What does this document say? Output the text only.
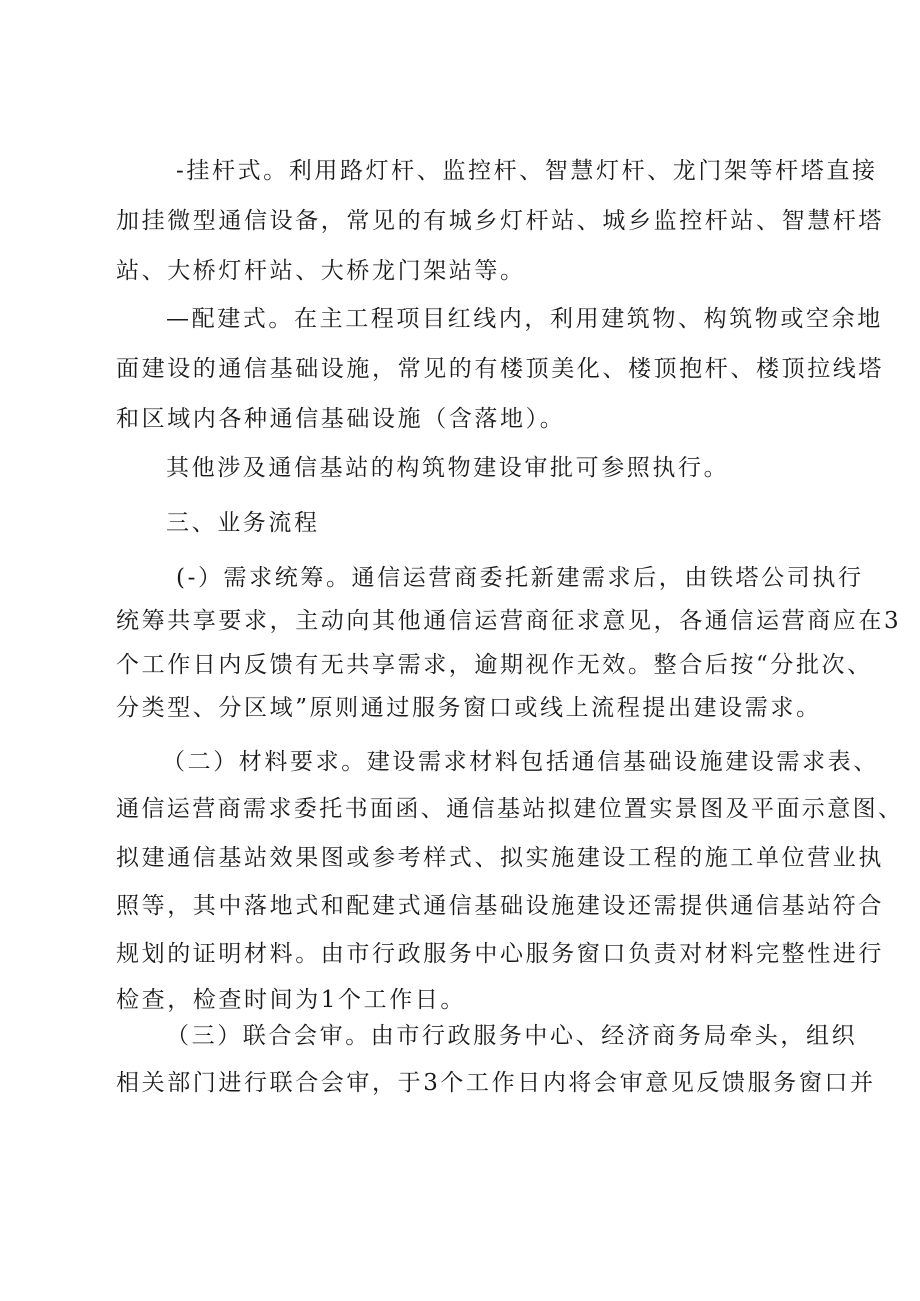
-挂杆式。利用路灯杆、监控杆、智慧灯杆、龙门架等杆塔直接
加挂微型通信设备，常见的有城乡灯杆站、城乡监控杆站、智慧杆塔
站、大桥灯杆站、大桥龙门架站等。
—配建式。在主工程项目红线内，利用建筑物、构筑物或空余地
面建设的通信基础设施，常见的有楼顶美化、楼顶抱杆、楼顶拉线塔
和区域内各种通信基础设施（含落地）。
其他涉及通信基站的构筑物建设审批可参照执行。
三、业务流程
(-）需求统筹。通信运营商委托新建需求后，由铁塔公司执行
统筹共享要求，主动向其他通信运营商征求意见，各通信运营商应在3
个工作日内反馈有无共享需求，逾期视作无效。整合后按“分批次、
分类型、分区域”原则通过服务窗口或线上流程提出建设需求。
（二）材料要求。建设需求材料包括通信基础设施建设需求表、
通信运营商需求委托书面函、通信基站拟建位置实景图及平面示意图、
拟建通信基站效果图或参考样式、拟实施建设工程的施工单位营业执
照等，其中落地式和配建式通信基础设施建设还需提供通信基站符合
规划的证明材料。由市行政服务中心服务窗口负责对材料完整性进行
检查，检查时间为1个工作日。
（三）联合会审。由市行政服务中心、经济商务局牵头，组织
相关部门进行联合会审，于3个工作日内将会审意见反馈服务窗口并
